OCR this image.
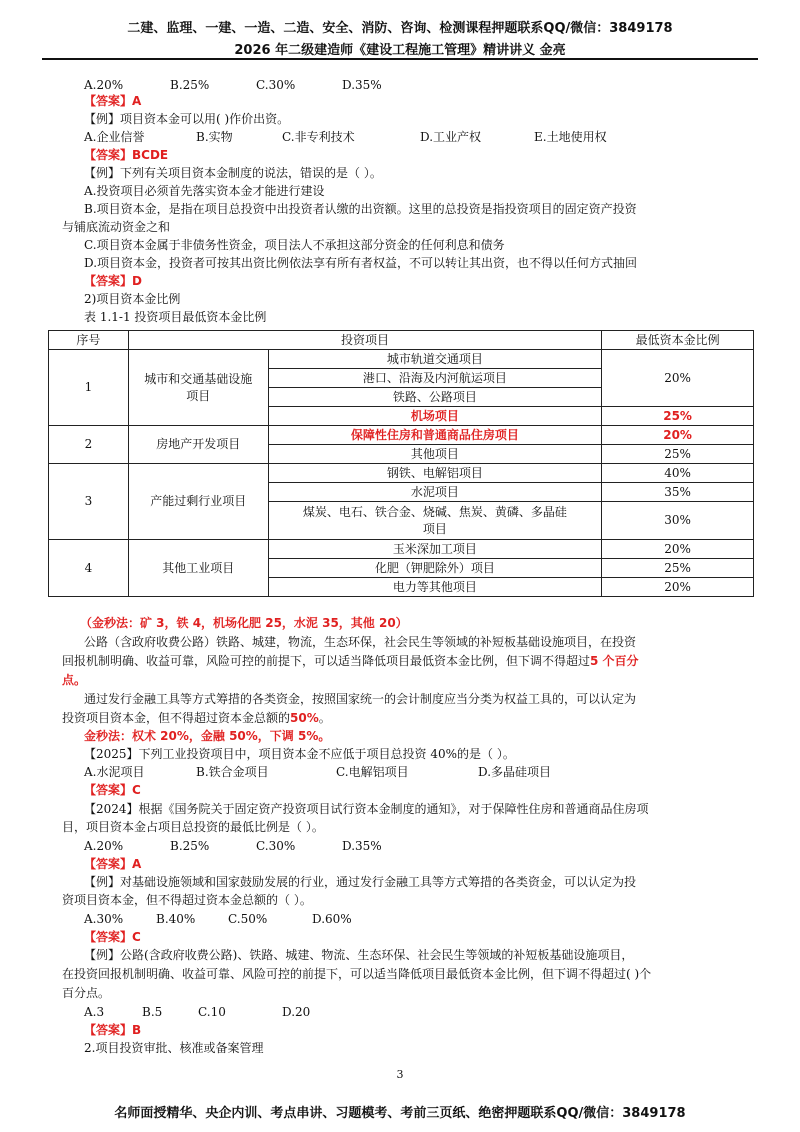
二建、监理、一建、一造、二造、安全、消防、咨询、检测课程押题联系QQ/微信：3849178
2026 年二级建造师《建设工程施工管理》精讲讲义 金亮
A.20%	B.25%	C.30%	D.35%
【答案】A
【例】项目资本金可以用( )作价出资。
A.企业信誉	B.实物	C.非专利技术	D.工业产权	E.土地使用权
【答案】BCDE
【例】下列有关项目资本金制度的说法，错误的是（ ）。
A.投资项目必须首先落实资本金才能进行建设
B.项目资本金，是指在项目总投资中出投资者认缴的出资额。这里的总投资是指投资项目的固定资产投资
与铺底流动资金之和
C.项目资本金属于非债务性资金，项目法人不承担这部分资金的任何利息和债务
D.项目资本金，投资者可按其出资比例依法享有所有者权益，不可以转让其出资，也不得以任何方式抽回
【答案】D
2)项目资本金比例
表 1.1-1 投资项目最低资本金比例
序号	投资项目		最低资本金比例
1	城市和交通基础设施项目	城市轨道交通项目	20%
		港口、沿海及内河航运项目	
		铁路、公路项目	
		机场项目	25%
2	房地产开发项目	保障性住房和普通商品住房项目	20%
		其他项目	25%
3	产能过剩行业项目	钢铁、电解铝项目	40%
		水泥项目	35%

		煤炭、电石、铁合金、烧碱、焦炭、黄磷、多晶硅
项目	30%
4	其他工业项目	玉米深加工项目	20%
		化肥（钾肥除外）项目	25%
		电力等其他项目	20%
（金秒法：矿 3，铁 4，机场化肥 25，水泥 35，其他 20）
公路（含政府收费公路）铁路、城建，物流，生态环保，社会民生等领域的补短板基础设施项目，在投资
回报机制明确、收益可靠，风险可控的前提下，可以适当降低项目最低资本金比例，但下调不得超过5 个百分
点。
通过发行金融工具等方式筹措的各类资金，按照国家统一的会计制度应当分类为权益工具的，可以认定为
投资项目资本金，但不得超过资本金总额的50%。
金秒法：权术 20%，金融 50%，下调 5%。
【2025】下列工业投资项目中，项目资本金不应低于项目总投资 40%的是（ ）。
A.水泥项目	B.铁合金项目	C.电解铝项目	D.多晶硅项目
【答案】C
【2024】根据《国务院关于固定资产投资项目试行资本金制度的通知》，对于保障性住房和普通商品住房项
目，项目资本金占项目总投资的最低比例是（ ）。
A.20%	B.25%	C.30%	D.35%
【答案】A
【例】对基础设施领域和国家鼓励发展的行业，通过发行金融工具等方式筹措的各类资金，可以认定为投
资项目资本金，但不得超过资本金总额的（ ）。
A.30%	B.40%	C.50%	D.60%
【答案】C
【例】公路(含政府收费公路)、铁路、城建、物流、生态环保、社会民生等领域的补短板基础设施项目，
在投资回报机制明确、收益可靠、风险可控的前提下，可以适当降低项目最低资本金比例，但下调不得超过( )个
百分点。
A.3	B.5	C.10	D.20
【答案】B
2.项目投资审批、核准或备案管理
3
名师面授精华、央企内训、考点串讲、习题模考、考前三页纸、绝密押题联系QQ/微信：3849178
